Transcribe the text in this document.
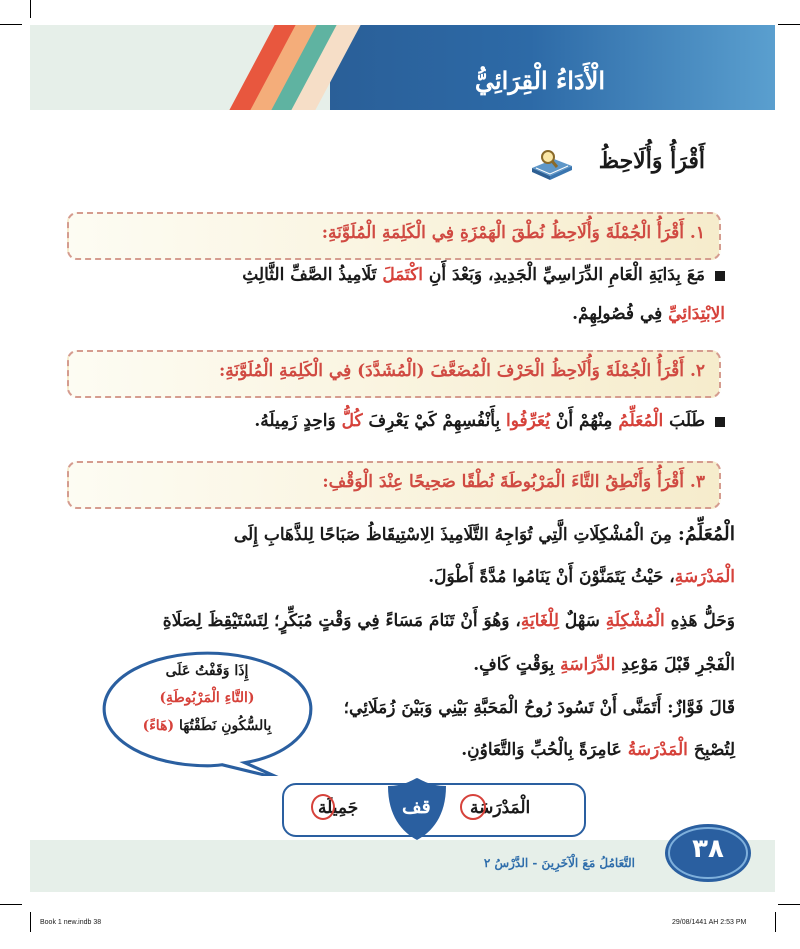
الْأَدَاءُ الْقِرَائِيُّ
أَقْرَأُ وَأُلَاحِظُ
١. أَقْرَأُ الْجُمْلَةَ وَأُلَاحِظُ نُطْقَ الْهَمْزَةِ فِي الْكَلِمَةِ الْمُلَوَّنَةِ:
مَعَ بِدَايَةِ الْعَامِ الدِّرَاسِيِّ الْجَدِيدِ، وَبَعْدَ أَنِ اكْتَمَلَ تَلَامِيذُ الصَّفِّ الثَّالِثِ
الِابْتِدَائِيِّ فِي فُصُولِهِمْ.
٢. أَقْرَأُ الْجُمْلَةَ وَأُلَاحِظُ الْحَرْفَ الْمُضَعَّفَ (الْمُشَدَّدَ) فِي الْكَلِمَةِ الْمُلَوَّنَةِ:
طَلَبَ الْمُعَلِّمُ مِنْهُمْ أَنْ يُعَرِّفُوا بِأَنْفُسِهِمْ كَيْ يَعْرِفَ كُلُّ وَاحِدٍ زَمِيلَهُ.
٣. أَقْرَأُ وَأَنْطِقُ التَّاءَ الْمَرْبُوطَةَ نُطْقًا صَحِيحًا عِنْدَ الْوَقْفِ:
الْمُعَلِّمُ: مِنَ الْمُشْكِلَاتِ الَّتِي تُوَاجِهُ التَّلَامِيذَ الِاسْتِيقَاظُ صَبَاحًا لِلذَّهَابِ إِلَى
الْمَدْرَسَةِ، حَيْثُ يَتَمَنَّوْنَ أَنْ يَنَامُوا مُدَّةً أَطْوَلَ.
وَحَلُّ هَذِهِ الْمُشْكِلَةِ سَهْلٌ لِلْغَايَةِ، وَهُوَ أَنْ تَنَامَ مَسَاءً فِي وَقْتٍ مُبَكِّرٍ؛ لِتَسْتَيْقِظَ لِصَلَاةِ
الْفَجْرِ قَبْلَ مَوْعِدِ الدِّرَاسَةِ بِوَقْتٍ كَافٍ.
قَالَ فَوَّازٌ: أَتَمَنَّى أَنْ تَسُودَ رُوحُ الْمَحَبَّةِ بَيْنِي وَبَيْنَ زُمَلَائِي؛
لِتُصْبِحَ الْمَدْرَسَةُ عَامِرَةً بِالْحُبِّ وَالتَّعَاوُنِ.
إِذَا وَقَفْتُ عَلَى
(التَّاءِ الْمَرْبُوطَةِ)
بِالسُّكُونِ نَطَقْتُهَا (هَاءً)
قف الْمَدْرَسَة
جَمِيلَة
التَّعَامُلُ مَعَ الْآخَرِينَ - الدَّرْسُ ٢	٣٨
Book 1 new.indb 38	29/08/1441 AH 2:53 PM
